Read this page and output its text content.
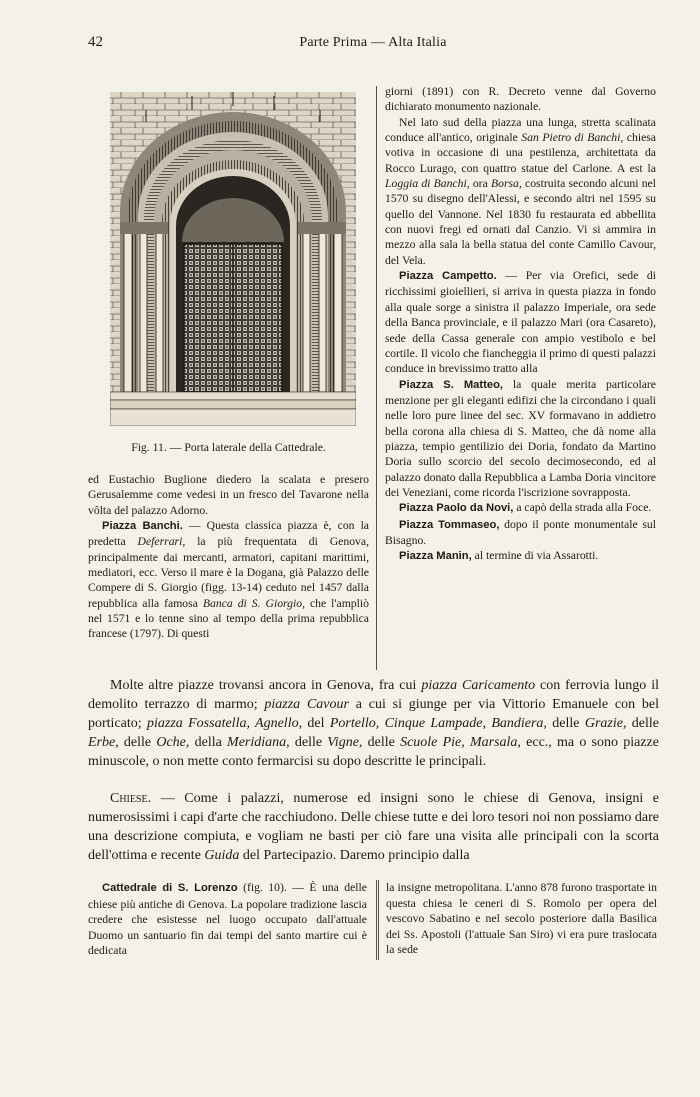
42	Parte Prima — Alta Italia
Fig. 11. — Porta laterale della Cattedrale.

ed Eustachio Buglione diedero la scalata e presero Gerusalemme come vedesi in un fresco del Tavarone nella vôlta del palazzo Adorno.

Piazza Banchi. — Questa classica piazza è, con la predetta Deferrari, la più frequentata di Genova, principalmente dai mercanti, armatori, capitani marittimi, mediatori, ecc. Verso il mare è la Dogana, già Palazzo delle Compere di S. Giorgio (figg. 13-14) ceduto nel 1457 dalla repubblica alla famosa Banca di S. Giorgio, che l'ampliò nel 1571 e lo tenne sino al tempo della prima repubblica francese (1797). Di questi

giorni (1891) con R. Decreto venne dal Governo dichiarato monumento nazionale.

Nel lato sud della piazza una lunga, stretta scalinata conduce all'antico, originale San Pietro di Banchi, chiesa votiva in occasione di una pestilenza, architettata da Rocco Lurago, con quattro statue del Carlone. A est la Loggia di Banchi, ora Borsa, costruita secondo alcuni nel 1570 su disegno dell'Alessi, e secondo altri nel 1595 su quello del Vannone. Nel 1830 fu restaurata ed abbellita con nuovi fregi ed ornati dal Canzio. Vi si ammira in mezzo alla sala la bella statua del conte Camillo Cavour, del Vela.

Piazza Campetto. — Per via Orefici, sede di ricchissimi gioiellieri, si arriva in questa piazza in fondo alla quale sorge a sinistra il palazzo Imperiale, ora sede della Banca provinciale, e il palazzo Mari (ora Casareto), sede della Cassa generale con ampio vestibolo e bel cortile. Il vicolo che fiancheggia il primo di questi palazzi conduce in brevissimo tratto alla

Piazza S. Matteo, la quale merita particolare menzione per gli eleganti edifizi che la circondano i quali nelle loro pure linee del sec. XV formavano in addietro bella corona alla chiesa di S. Matteo, che dà nome alla piazza, tempio gentilizio dei Doria, fondato da Martino Doria sullo scorcio del secolo decimosecondo, ed al palazzo donato dalla Repubblica a Lamba Doria vincitore dei Veneziani, come ricorda l'iscrizione sovrapposta.

Piazza Paolo da Novi, a capò della strada alla Foce.

Piazza Tommaseo, dopo il ponte monumentale sul Bisagno.

Piazza Manin, al termine di via Assarotti.

Molte altre piazze trovansi ancora in Genova, fra cui piazza Caricamento con ferrovia lungo il demolito terrazzo di marmo; piazza Cavour a cui si giunge per via Vittorio Emanuele con bel porticato; piazza Fossatella, Agnello, del Portello, Cinque Lampade, Bandiera, delle Grazie, delle Erbe, delle Oche, della Meridiana, delle Vigne, delle Scuole Pie, Marsala, ecc., ma o sono piazze minuscole, o non mette conto fermarcisi su dopo descritte le principali.

Chiese. — Come i palazzi, numerose ed insigni sono le chiese di Genova, insigni e numerosissimi i capi d'arte che racchiudono. Delle chiese tutte e dei loro tesori noi non possiamo dare una descrizione compiuta, e vogliam ne basti per ciò fare una visita alle principali con la scorta dell'ottima e recente Guida del Partecipazio. Daremo principio dalla

Cattedrale di S. Lorenzo (fig. 10). — È una delle chiese più antiche di Genova. La popolare tradizione lascia credere che esistesse nel luogo occupato dall'attuale Duomo un santuario fin dai tempi del santo martire cui è dedicata

la insigne metropolitana. L'anno 878 furono trasportate in questa chiesa le ceneri di S. Romolo per opera del vescovo Sabatino e nel secolo posteriore dalla Basilica dei Ss. Apostoli (l'attuale San Siro) vi era pure traslocata la sede
